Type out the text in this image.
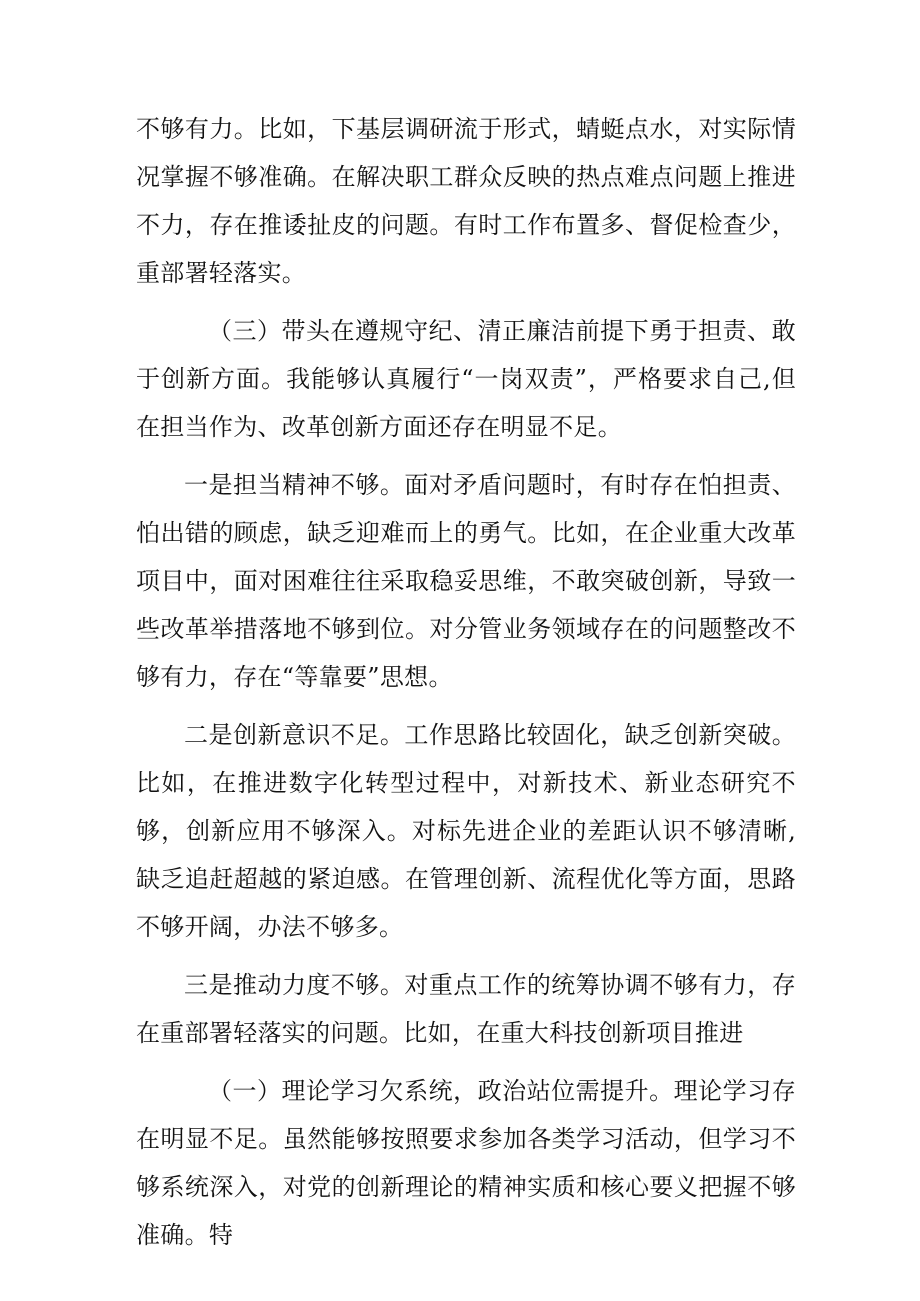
不够有力。比如，下基层调研流于形式，蜻蜓点水，对实际情况掌握不够准确。在解决职工群众反映的热点难点问题上推进不力，存在推诿扯皮的问题。有时工作布置多、督促检查少，重部署轻落实。

（三）带头在遵规守纪、清正廉洁前提下勇于担责、敢于创新方面。我能够认真履行“一岗双责”，严格要求自己,但在担当作为、改革创新方面还存在明显不足。

一是担当精神不够。面对矛盾问题时，有时存在怕担责、怕出错的顾虑，缺乏迎难而上的勇气。比如，在企业重大改革项目中，面对困难往往采取稳妥思维，不敢突破创新，导致一些改革举措落地不够到位。对分管业务领域存在的问题整改不够有力，存在“等靠要”思想。

二是创新意识不足。工作思路比较固化，缺乏创新突破。比如，在推进数字化转型过程中，对新技术、新业态研究不够，创新应用不够深入。对标先进企业的差距认识不够清晰,缺乏追赶超越的紧迫感。在管理创新、流程优化等方面，思路不够开阔，办法不够多。

三是推动力度不够。对重点工作的统筹协调不够有力，存在重部署轻落实的问题。比如，在重大科技创新项目推进

（一）理论学习欠系统，政治站位需提升。理论学习存在明显不足。虽然能够按照要求参加各类学习活动，但学习不够系统深入，对党的创新理论的精神实质和核心要义把握不够准确。特
